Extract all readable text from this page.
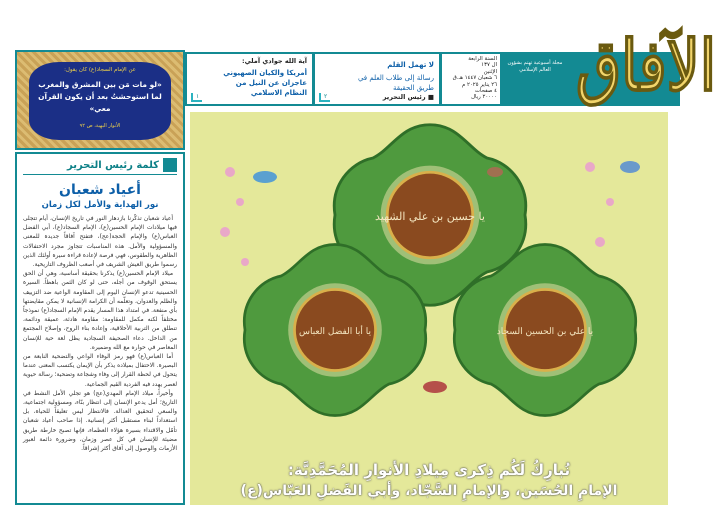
الآفاق
مجلة أسبوعية تهتم بشؤون العالم الإسلامي
السنة الرابعة
ال ١٣٧
الإثنين
٦ شعبان ١٤٤٧ هـ.ق
٢٦ يناير ٢٠٢٥ م
٤ صفحات
٢٠٠٠٠ ريال
لا تهمل القلم
رسالة إلى طلاب العلم في طريق الحقيقة
■ رئيس التحرير
٢
آية الله جوادي آملي:
أمريكا والكيان الصهيوني عاجزان عن النيل من النظام الاسلامي
١
عن الإمام السجاد(ع) كان يقول:
«لو مات مَن بين المشرق والمغرب لما استوحشتُ بعد أن يكون القرآن معي»
الأنوار البهية، ص ٩٢
كلمة رئيس التحرير
أعياد شعبان
نور الهداية والأمل لكل زمان

أعياد شعبان تذكّرنا بازدهار النور في تاريخ الإنسان، أيام تتجلى فيها ميلادات الإمام الحسين(ع)، الإمام السجاد(ع)، أبي الفضل العباس(ع) والإمام الحجة(عج)، فتفتح آفاقاً جديدة للمعنى والمسؤولية والأمل. هذه المناسبات تتجاوز مجرد الاحتفالات الظاهرية والطقوس، فهي فرصة لإعادة قراءة سيرة أولئك الذين رسموا طريق العيش الشريف في أصعب الظروف التاريخية.

ميلاد الإمام الحسين(ع) يذكرنا بحقيقة أساسية، وهي أن الحق يستحق الوقوف من أجله، حتى لو كان الثمن باهظاً. السيرة الحسينية تدعو الإنسان اليوم إلى المقاومة الواعية ضد التزييف والظلم والعدوان، وتعلّمه أن الكرامة الإنسانية لا يمكن مقايضتها بأي منفعة. في امتداد هذا المسار يقدم الإمام السجاد(ع) نموذجاً مختلفاً لكنه مكمل للمقاومة: مقاومة هادئة، عميقة ودائمة، تنطلق من التربية الأخلاقية، وإعادة بناء الروح، وإصلاح المجتمع من الداخل. دعاء الصحيفة السجادية يظل لغة حية للإنسان المعاصر في حواره مع الله وضميره.

أما العباس(ع) فهو رمز الوفاء الواعي والتضحية النابعة من البصيرة. الاحتفال بميلاده يذكر بأن الإيمان يكتسب المعنى عندما يتحول في لحظة القرار إلى وفاء وشجاعة وتضحية؛ رسالة حيوية لعصر يهدد فيه الفردية القيم الجماعية.

وأخيراً، ميلاد الإمام المهدي(عج) هو تجلي الأمل النشط في التاريخ؛ أمل يدعو الإنسان إلى انتظار بنّاء، ومسؤولية اجتماعية، والسعي لتحقيق العدالة. فالانتظار ليس تعليقاً للحياة، بل استعداداً لبناء مستقبل أكثر إنسانية. إذا صاحب أعياد شعبان تأمّل والاقتداء بسيرة هؤلاء العظماء، فإنها تصبح خارطة طريق مضيئة للإنسان في كل عصر وزمان، وضرورة دائمة لعبور الأزمات والوصول إلى آفاق أكثر إشراقاً.

يا حسين بن علي الشهيد
يا أبا الفضل العباس	يا علي بن الحسين السجاد
نُبارِكُ لَكُم ذِكرى مِيلادِ الأنوارِ المُحَمَّدِيَّة:
الإمامِ الحُسَين، والإمامِ السَّجّاد، وأبي الفَضلِ العَبّاس(ع)
